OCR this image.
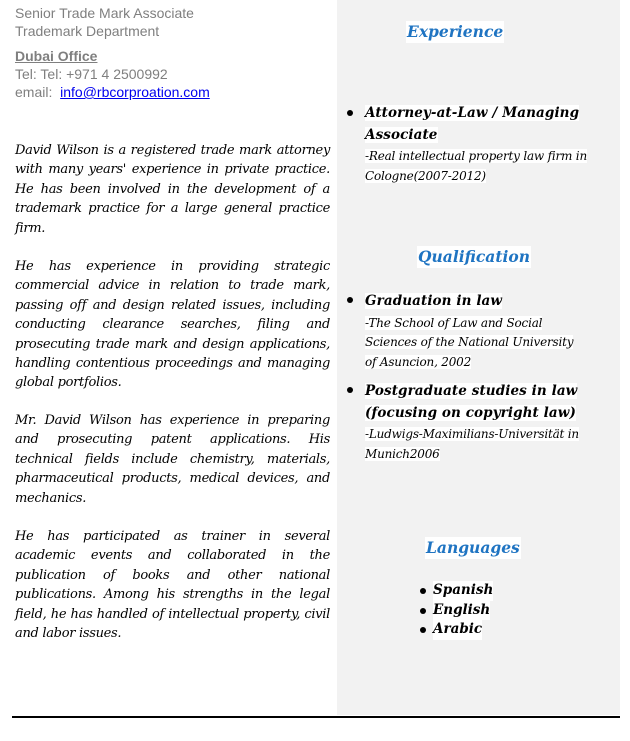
Senior Trade Mark Associate
Trademark Department
Dubai Office
Tel: Tel: +971 4 2500992
email: info@rbcorproation.com

David Wilson is a registered trade mark attorney with many years' experience in private practice. He has been involved in the development of a trademark practice for a large general practice firm.

He has experience in providing strategic commercial advice in relation to trade mark, passing off and design related issues, including conducting clearance searches, filing and prosecuting trade mark and design applications, handling contentious proceedings and managing global portfolios.

Mr. David Wilson has experience in preparing and prosecuting patent applications. His technical fields include chemistry, materials, pharmaceutical products, medical devices, and mechanics.

He has participated as trainer in several academic events and collaborated in the publication of books and other national publications. Among his strengths in the legal field, he has handled of intellectual property, civil and labor issues.

Experience
Attorney-at-Law / Managing Associate
-Real intellectual property law firm in Cologne(2007-2012)
Qualification
Graduation in law
-The School of Law and Social Sciences of the National University of Asuncion, 2002
Postgraduate studies in law (focusing on copyright law)
-Ludwigs-Maximilians-Universität in Munich2006
Languages
Spanish
English
Arabic
